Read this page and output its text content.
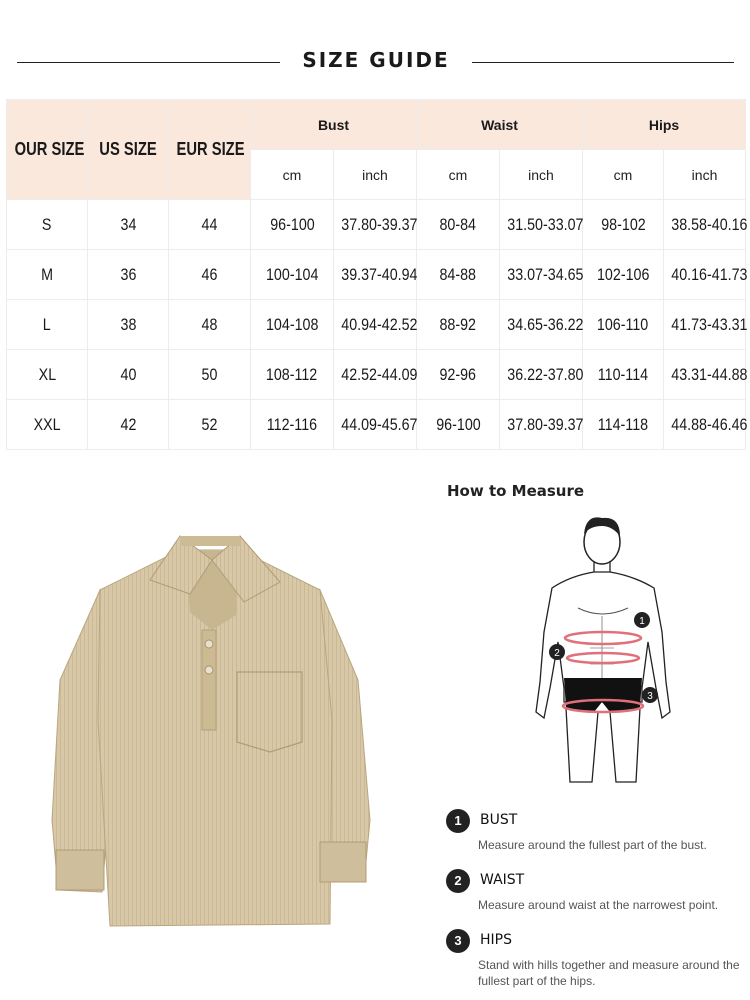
SIZE GUIDE
OUR SIZE	US SIZE	EUR SIZE	Bust		Waist		Hips	
			cm	inch	cm	inch	cm	inch
S	34	44	96-100	37.80-39.37	80-84	31.50-33.07	98-102	38.58-40.16
M	36	46	100-104	39.37-40.94	84-88	33.07-34.65	102-106	40.16-41.73
L	38	48	104-108	40.94-42.52	88-92	34.65-36.22	106-110	41.73-43.31
XL	40	50	108-112	42.52-44.09	92-96	36.22-37.80	110-114	43.31-44.88
XXL	42	52	112-116	44.09-45.67	96-100	37.80-39.37	114-118	44.88-46.46
How to Measure
1
2
3
1	BUST
Measure around the fullest part of the bust.
2	WAIST
Measure around waist at the narrowest point.
3	HIPS
Stand with hills together and measure around the fullest part of the hips.
